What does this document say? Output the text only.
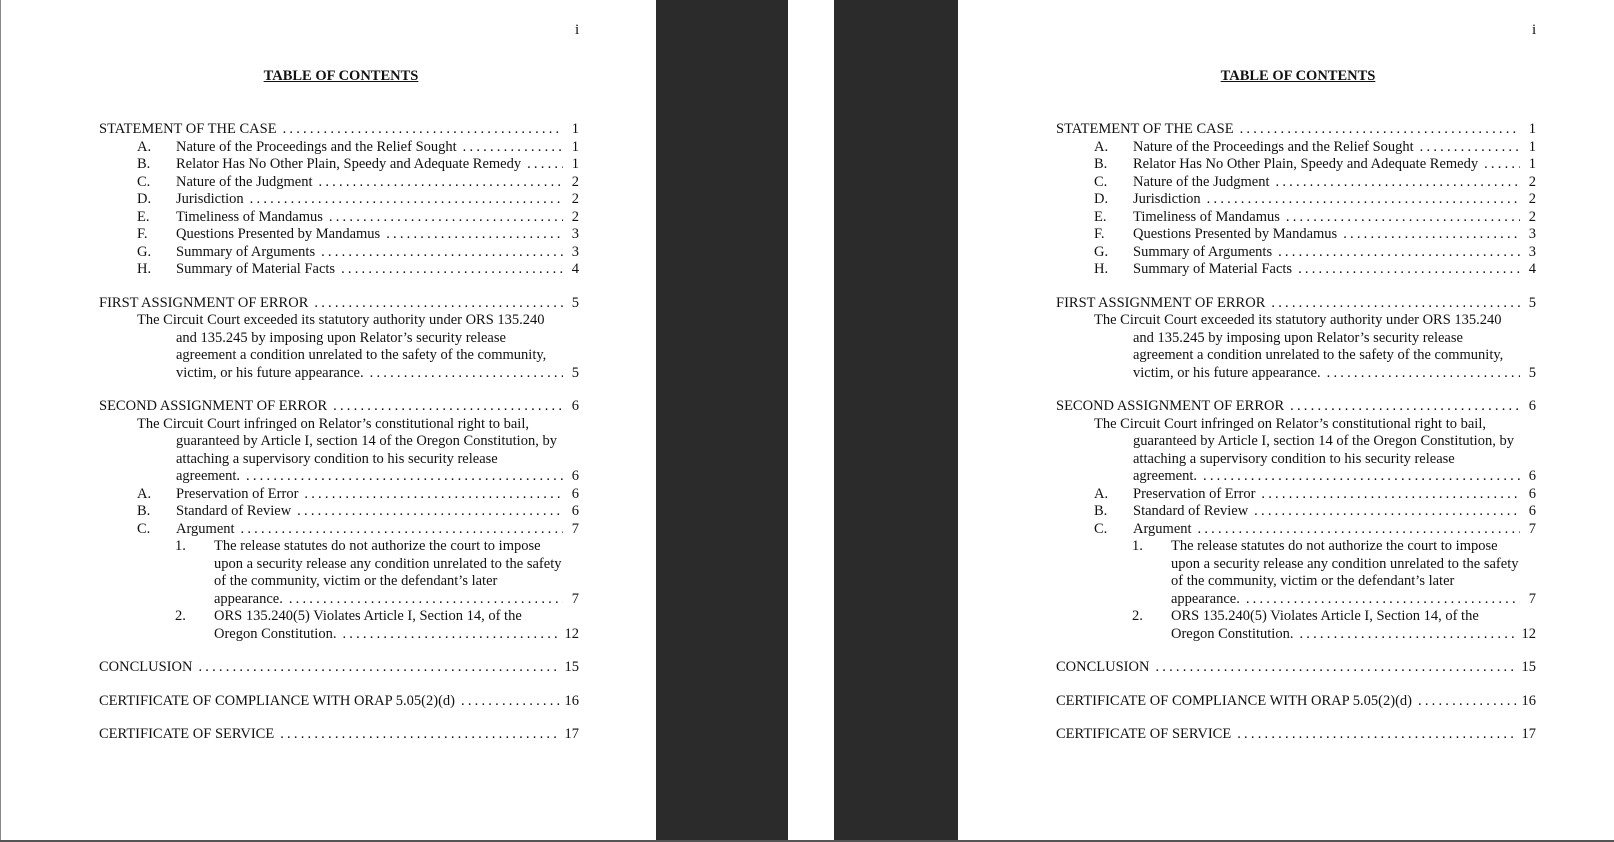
i
TABLE OF CONTENTS
STATEMENT OF THE CASE .....	1
A.	Nature of the Proceedings and the Relief Sought .....	1
B.	Relator Has No Other Plain, Speedy and Adequate Remedy .....	1
C.	Nature of the Judgment .....	2
D.	Jurisdiction .....	2
E.	Timeliness of Mandamus .....	2
F.	Questions Presented by Mandamus .....	3
G.	Summary of Arguments .....	3
H.	Summary of Material Facts .....	4
FIRST ASSIGNMENT OF ERROR .....	5
The Circuit Court exceeded its statutory authority under ORS 135.240
and 135.245 by imposing upon Relator’s security release
agreement a condition unrelated to the safety of the community,
victim, or his future appearance. .....	5
SECOND ASSIGNMENT OF ERROR .....	6
The Circuit Court infringed on Relator’s constitutional right to bail,
guaranteed by Article I, section 14 of the Oregon Constitution, by
attaching a supervisory condition to his security release
agreement. .....	6
A.	Preservation of Error .....	6
B.	Standard of Review .....	6
C.	Argument .....	7
1.	The release statutes do not authorize the court to impose
upon a security release any condition unrelated to the safety
of the community, victim or the defendant’s later
appearance. .....	7
2.	ORS 135.240(5) Violates Article I, Section 14, of the
Oregon Constitution. .....	12
CONCLUSION .....	15
CERTIFICATE OF COMPLIANCE WITH ORAP 5.05(2)(d) .....	16
CERTIFICATE OF SERVICE .....	17
i
TABLE OF CONTENTS
STATEMENT OF THE CASE .....	1
A.	Nature of the Proceedings and the Relief Sought .....	1
B.	Relator Has No Other Plain, Speedy and Adequate Remedy .....	1
C.	Nature of the Judgment .....	2
D.	Jurisdiction .....	2
E.	Timeliness of Mandamus .....	2
F.	Questions Presented by Mandamus .....	3
G.	Summary of Arguments .....	3
H.	Summary of Material Facts .....	4
FIRST ASSIGNMENT OF ERROR .....	5
The Circuit Court exceeded its statutory authority under ORS 135.240
and 135.245 by imposing upon Relator’s security release
agreement a condition unrelated to the safety of the community,
victim, or his future appearance. .....	5
SECOND ASSIGNMENT OF ERROR .....	6
The Circuit Court infringed on Relator’s constitutional right to bail,
guaranteed by Article I, section 14 of the Oregon Constitution, by
attaching a supervisory condition to his security release
agreement. .....	6
A.	Preservation of Error .....	6
B.	Standard of Review .....	6
C.	Argument .....	7
1.	The release statutes do not authorize the court to impose
upon a security release any condition unrelated to the safety
of the community, victim or the defendant’s later
appearance. .....	7
2.	ORS 135.240(5) Violates Article I, Section 14, of the
Oregon Constitution. .....	12
CONCLUSION .....	15
CERTIFICATE OF COMPLIANCE WITH ORAP 5.05(2)(d) .....	16
CERTIFICATE OF SERVICE .....	17
